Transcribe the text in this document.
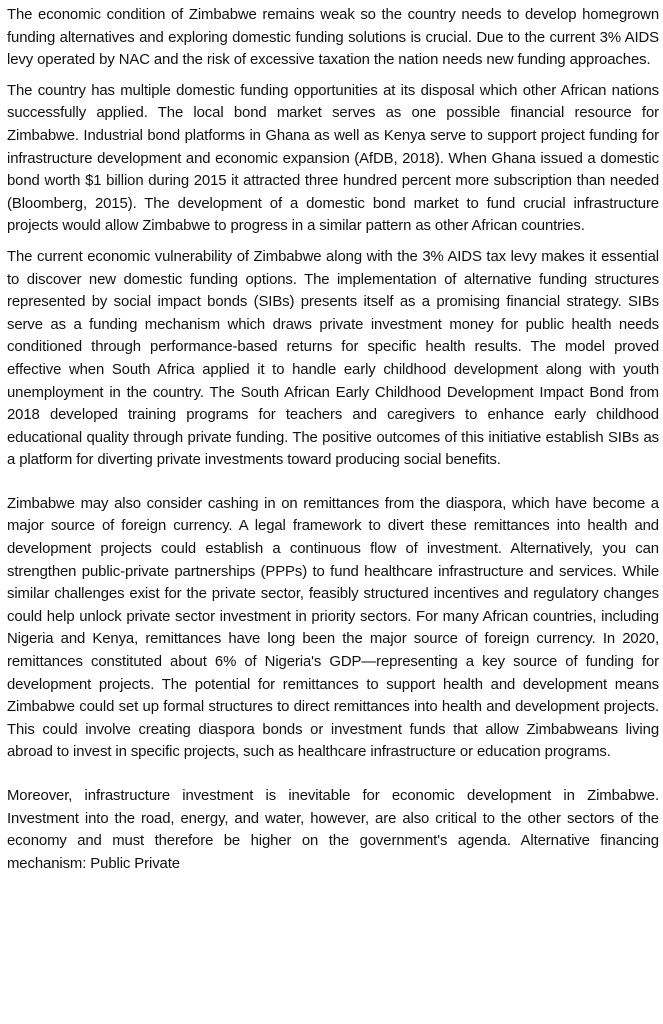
The economic condition of Zimbabwe remains weak so the country needs to develop homegrown funding alternatives and exploring domestic funding solutions is crucial. Due to the current 3% AIDS levy operated by NAC and the risk of excessive taxation the nation needs new funding approaches.

The country has multiple domestic funding opportunities at its disposal which other African nations successfully applied. The local bond market serves as one possible financial resource for Zimbabwe. Industrial bond platforms in Ghana as well as Kenya serve to support project funding for infrastructure development and economic expansion (AfDB, 2018). When Ghana issued a domestic bond worth $1 billion during 2015 it attracted three hundred percent more subscription than needed (Bloomberg, 2015). The development of a domestic bond market to fund crucial infrastructure projects would allow Zimbabwe to progress in a similar pattern as other African countries.

The current economic vulnerability of Zimbabwe along with the 3% AIDS tax levy makes it essential to discover new domestic funding options. The implementation of alternative funding structures represented by social impact bonds (SIBs) presents itself as a promising financial strategy. SIBs serve as a funding mechanism which draws private investment money for public health needs conditioned through performance-based returns for specific health results. The model proved effective when South Africa applied it to handle early childhood development along with youth unemployment in the country. The South African Early Childhood Development Impact Bond from 2018 developed training programs for teachers and caregivers to enhance early childhood educational quality through private funding. The positive outcomes of this initiative establish SIBs as a platform for diverting private investments toward producing social benefits.

Zimbabwe may also consider cashing in on remittances from the diaspora, which have become a major source of foreign currency. A legal framework to divert these remittances into health and development projects could establish a continuous flow of investment. Alternatively, you can strengthen public-private partnerships (PPPs) to fund healthcare infrastructure and services. While similar challenges exist for the private sector, feasibly structured incentives and regulatory changes could help unlock private sector investment in priority sectors. For many African countries, including Nigeria and Kenya, remittances have long been the major source of foreign currency. In 2020, remittances constituted about 6% of Nigeria's GDP—representing a key source of funding for development projects. The potential for remittances to support health and development means Zimbabwe could set up formal structures to direct remittances into health and development projects. This could involve creating diaspora bonds or investment funds that allow Zimbabweans living abroad to invest in specific projects, such as healthcare infrastructure or education programs.

Moreover, infrastructure investment is inevitable for economic development in Zimbabwe. Investment into the road, energy, and water, however, are also critical to the other sectors of the economy and must therefore be higher on the government's agenda. Alternative financing mechanism: Public Private
